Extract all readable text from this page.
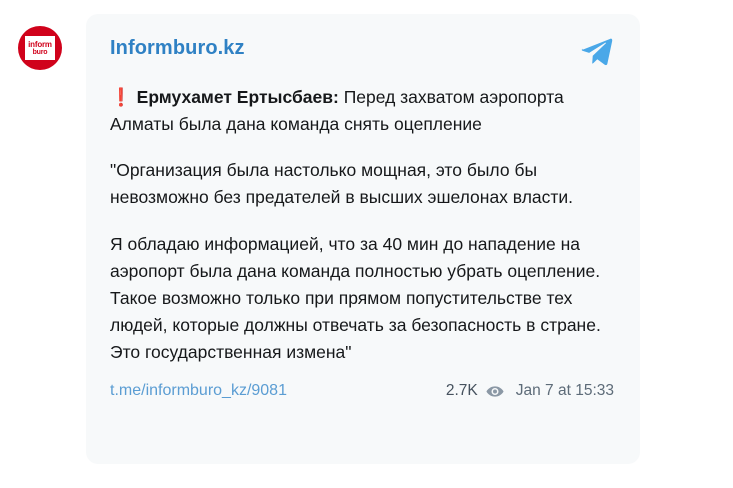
inform
buro	Informburo.kz

❗️ Ермухамет Ертысбаев: Перед захватом аэропорта Алматы была дана команда снять оцепление

"Организация была настолько мощная, это было бы невозможно без предателей в высших эшелонах власти.

Я обладаю информацией, что за 40 мин до нападение на аэропорт была дана команда полностью убрать оцепление. Такое возможно только при прямом попустительстве тех людей, которые должны отвечать за безопасность в стране. Это государственная измена"

t.me/informburo_kz/9081	2.7K Jan 7 at 15:33
